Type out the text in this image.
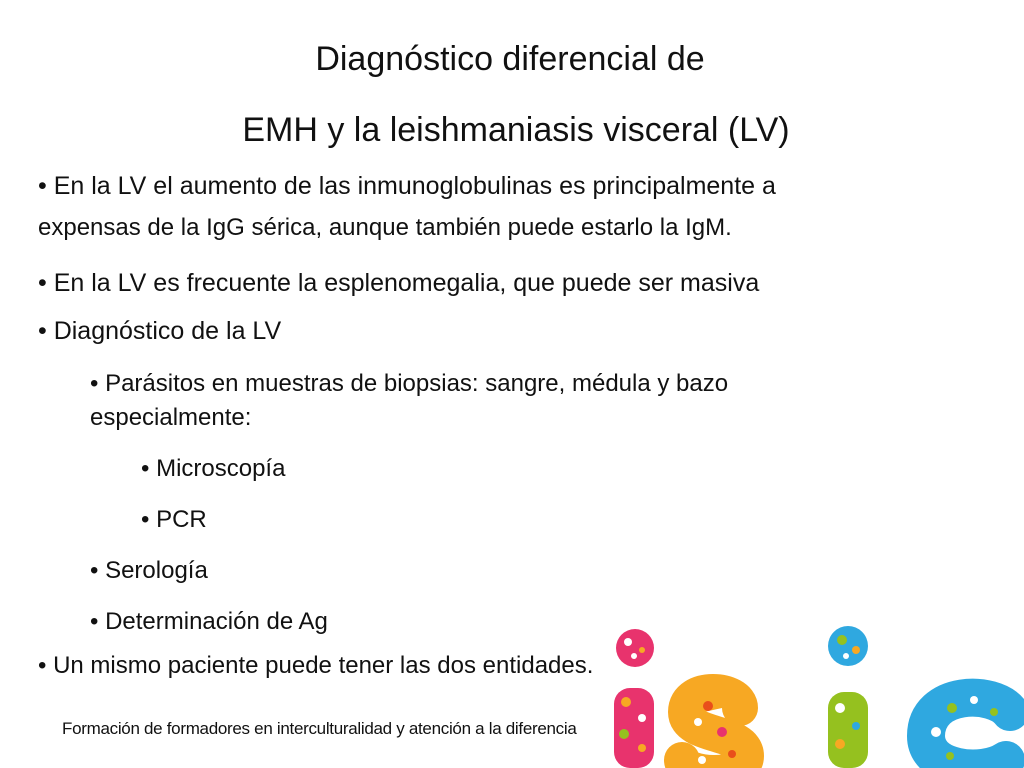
Diagnóstico diferencial de
EMH y la leishmaniasis visceral (LV)
• En la LV el aumento de las inmunoglobulinas es principalmente a
expensas de la IgG sérica, aunque también puede estarlo la IgM.
• En la LV es frecuente la esplenomegalia, que puede ser masiva
• Diagnóstico de la LV
• Parásitos en muestras de biopsias: sangre, médula y bazo
especialmente:
• Microscopía
• PCR
• Serología
• Determinación de Ag
• Un mismo paciente puede tener las dos entidades.
Formación de formadores en interculturalidad y atención a la diferencia
